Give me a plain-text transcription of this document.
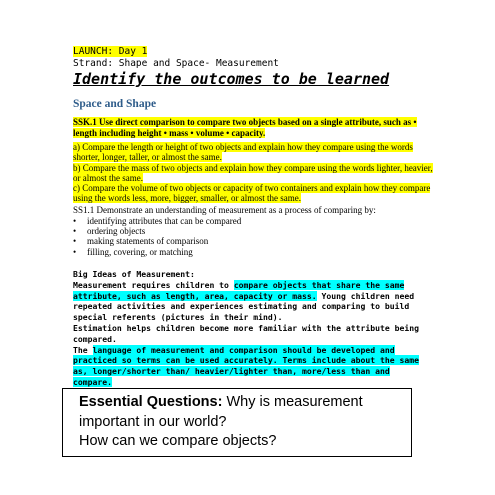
LAUNCH: Day 1
Strand: Shape and Space- Measurement
Identify the outcomes to be learned
Space and Shape
SSK.1 Use direct comparison to compare two objects based on a single attribute, such as • length including height • mass • volume • capacity.

a) Compare the length or height of two objects and explain how they compare using the words shorter, longer, taller, or almost the same.

b) Compare the mass of two objects and explain how they compare using the words lighter, heavier, or almost the same.

c) Compare the volume of two objects or capacity of two containers and explain how they compare using the words less, more, bigger, smaller, or almost the same.

SS1.1 Demonstrate an understanding of measurement as a process of comparing by:
• identifying attributes that can be compared
• ordering objects
• making statements of comparison
• filling, covering, or matching

Big Ideas of Measurement:

Measurement requires children to compare objects that share the same attribute, such as length, area, capacity or mass. Young children need repeated activities and experiences estimating and comparing to build special referents (pictures in their mind).

Estimation helps children become more familiar with the attribute being compared.

The language of measurement and comparison should be developed and practiced so terms can be used accurately. Terms include about the same as, longer/shorter than/ heavier/lighter than, more/less than and compare.

Essential Questions: Why is measurement important in our world?

How can we compare objects?
